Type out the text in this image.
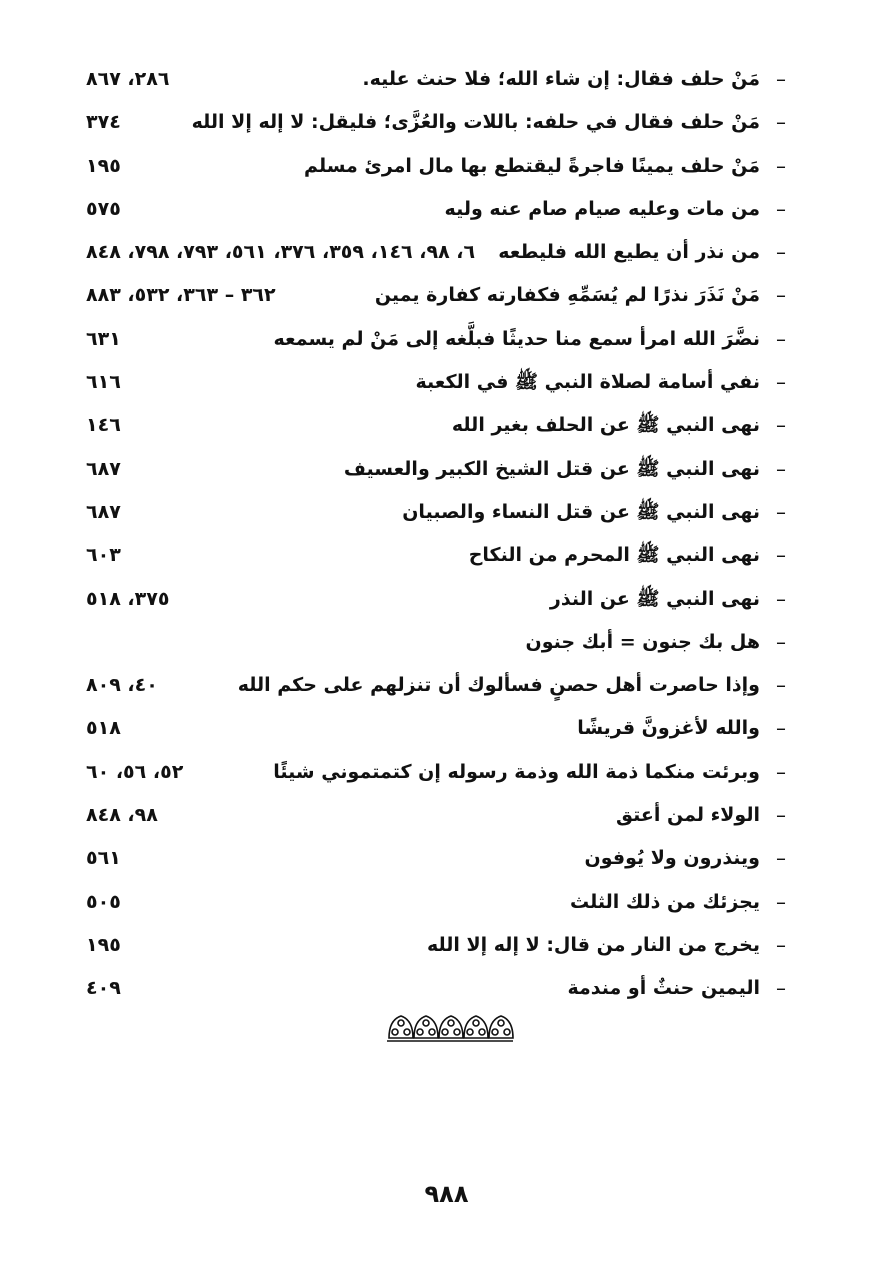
–
مَنْ حلف فقال: إن شاء الله؛ فلا حنث عليه.
٢٨٦، ٨٦٧
–
مَنْ حلف فقال في حلفه: باللات والعُزَّى؛ فليقل: لا إله إلا الله
٣٧٤
–
مَنْ حلف يمينًا فاجرةً ليقتطع بها مال امرئ مسلم
١٩٥
–
من مات وعليه صيام صام عنه وليه
٥٧٥
–
من نذر أن يطيع الله فليطعه
٦، ٩٨، ١٤٦، ٣٥٩، ٣٧٦، ٥٦١، ٧٩٣، ٧٩٨، ٨٤٨
–
مَنْ نَذَرَ نذرًا لم يُسَمِّهِ فكفارته كفارة يمين
٣٦٢ – ٣٦٣، ٥٣٢، ٨٨٣
–
نضَّرَ الله امرأ سمع منا حديثًا فبلَّغه إلى مَنْ لم يسمعه
٦٣١
–
نفي أسامة لصلاة النبي ﷺ في الكعبة
٦١٦
–
نهى النبي ﷺ عن الحلف بغير الله
١٤٦
–
نهى النبي ﷺ عن قتل الشيخ الكبير والعسيف
٦٨٧
–
نهى النبي ﷺ عن قتل النساء والصبيان
٦٨٧
–
نهى النبي ﷺ المحرم من النكاح
٦٠٣
–
نهى النبي ﷺ عن النذر
٣٧٥، ٥١٨
–
هل بك جنون = أبك جنون
–
وإذا حاصرت أهل حصنٍ فسألوك أن تنزلهم على حكم الله
٤٠، ٨٠٩
–
والله لأغزونَّ قريشًا
٥١٨
–
وبرئت منكما ذمة الله وذمة رسوله إن كتمتموني شيئًا
٥٢، ٥٦، ٦٠
–
الولاء لمن أعتق
٩٨، ٨٤٨
–
وينذرون ولا يُوفون
٥٦١
–
يجزئك من ذلك الثلث
٥٠٥
–
يخرج من النار من قال: لا إله إلا الله
١٩٥
–
اليمين حنثٌ أو مندمة
٤٠٩
٩٨٨
